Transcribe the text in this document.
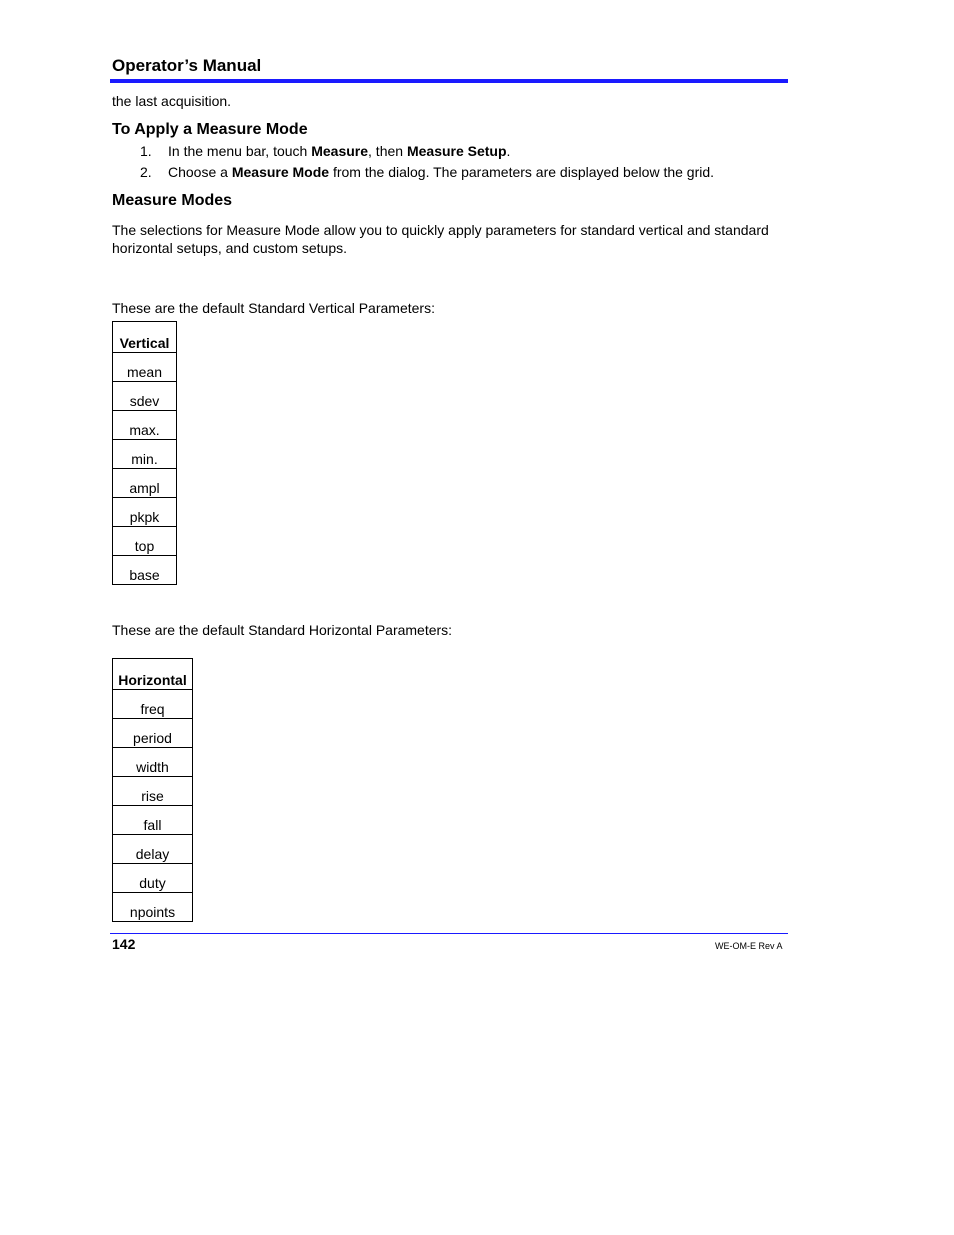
Operator’s Manual
the last acquisition.
To Apply a Measure Mode
1. In the menu bar, touch Measure, then Measure Setup.
2. Choose a Measure Mode from the dialog. The parameters are displayed below the grid.
Measure Modes
The selections for Measure Mode allow you to quickly apply parameters for standard vertical and standard horizontal setups, and custom setups.
These are the default Standard Vertical Parameters:
Vertical
mean
sdev
max.
min.
ampl
pkpk
top
base
These are the default Standard Horizontal Parameters:
Horizontal
freq
period
width
rise
fall
delay
duty
npoints
142	WE-OM-E Rev A
